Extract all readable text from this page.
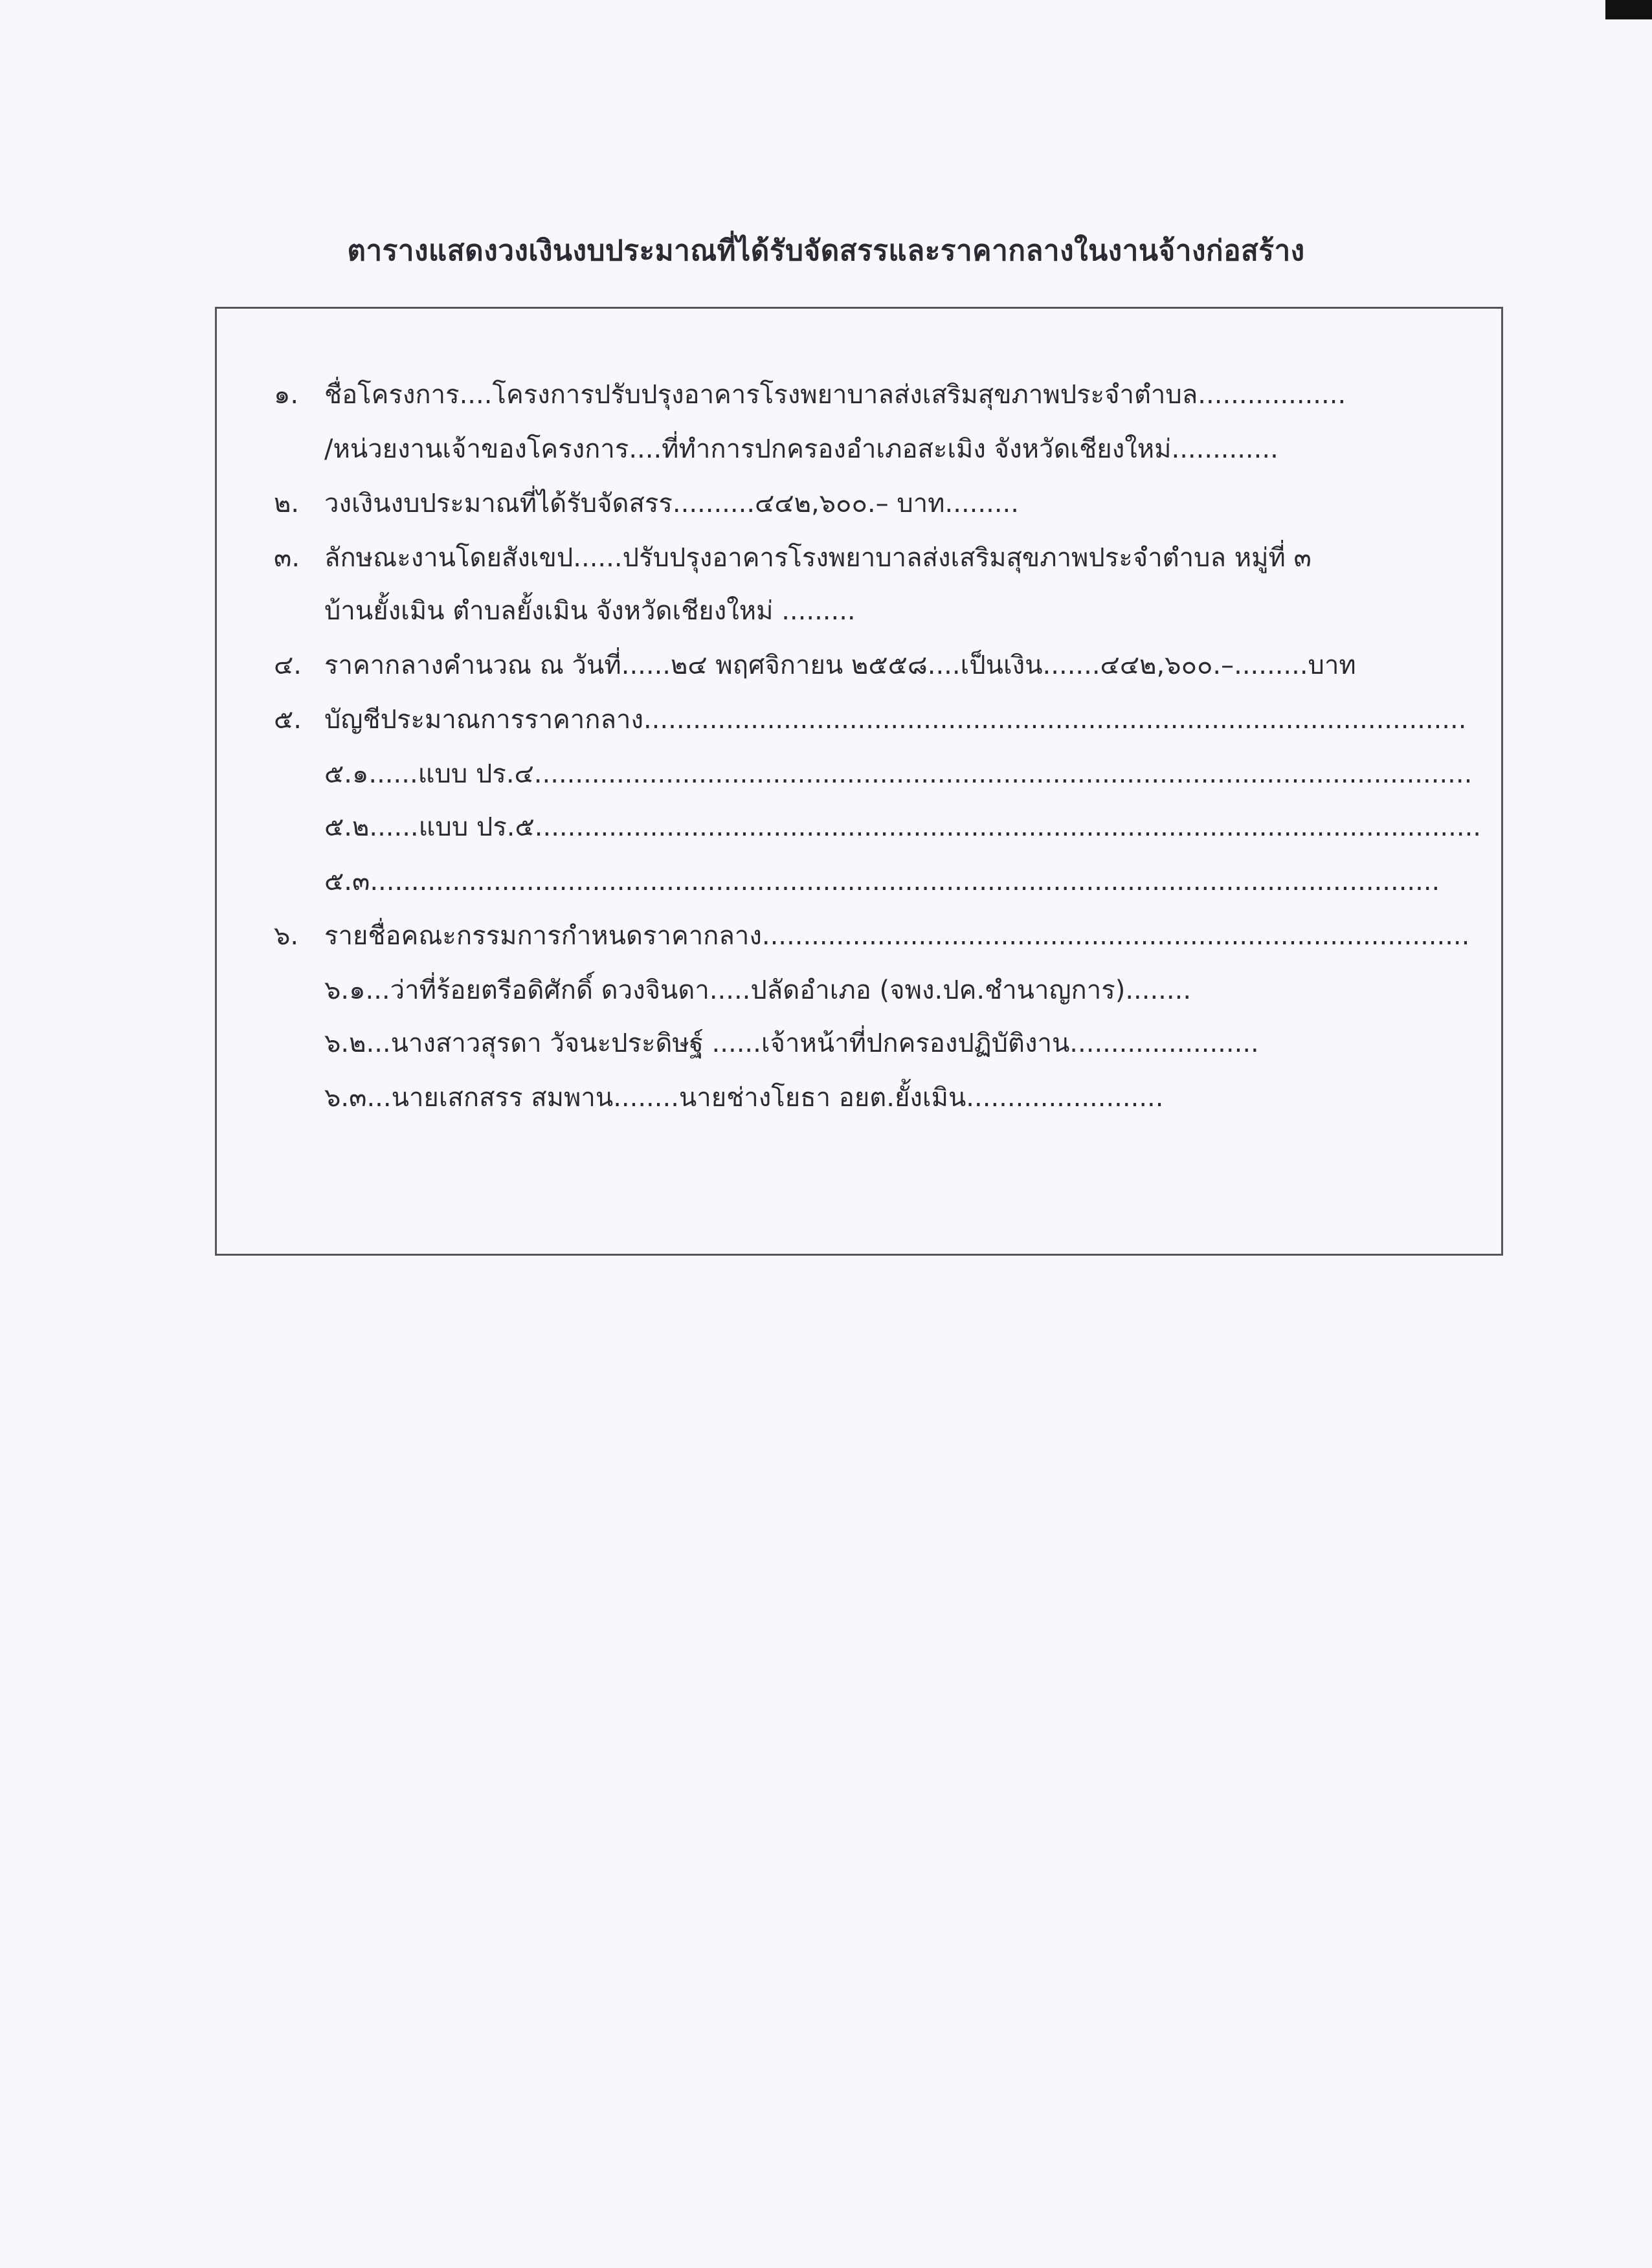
ตารางแสดงวงเงินงบประมาณที่ได้รับจัดสรรและราคากลางในงานจ้างก่อสร้าง
๑. ชื่อโครงการ....โครงการปรับปรุงอาคารโรงพยาบาลส่งเสริมสุขภาพประจำตำบล..................
/หน่วยงานเจ้าของโครงการ....ที่ทำการปกครองอำเภอสะเมิง จังหวัดเชียงใหม่.............
๒. วงเงินงบประมาณที่ได้รับจัดสรร..........๔๔๒,๖๐๐.– บาท.........
๓. ลักษณะงานโดยสังเขป......ปรับปรุงอาคารโรงพยาบาลส่งเสริมสุขภาพประจำตำบล หมู่ที่ ๓
บ้านยั้งเมิน ตำบลยั้งเมิน จังหวัดเชียงใหม่ .........
๔. ราคากลางคำนวณ ณ วันที่......๒๔ พฤศจิกายน ๒๕๕๘....เป็นเงิน.......๔๔๒,๖๐๐.–.........บาท
๕. บัญชีประมาณการราคากลาง....................................................................................................
๕.๑......แบบ ปร.๔..................................................................................................................
๕.๒......แบบ ปร.๕...................................................................................................................
๕.๓..................................................................................................................................
๖. รายชื่อคณะกรรมการกำหนดราคากลาง......................................................................................
๖.๑...ว่าที่ร้อยตรีอดิศักดิ์ ดวงจินดา.....ปลัดอำเภอ (จพง.ปค.ชำนาญการ)........
๖.๒...นางสาวสุรดา วัจนะประดิษฐ์ ......เจ้าหน้าที่ปกครองปฏิบัติงาน.......................
๖.๓...นายเสกสรร สมพาน........นายช่างโยธา อยต.ยั้งเมิน........................
